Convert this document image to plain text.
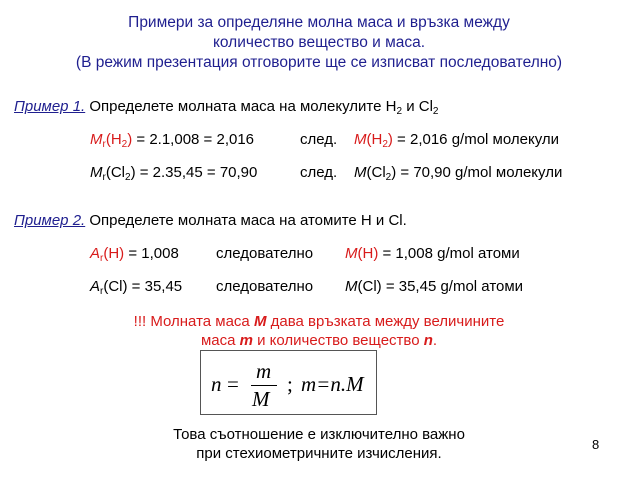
Примери за определяне молна маса и връзка между
количество вещество и маса.
(В режим презентация отговорите ще се изписват последователно)
Пример 1. Определете молната маса на молекулите $H_2$ и $Cl_2$
$M_r(H_2) = 2.1,008 = 2,016$	след. $M(H_2) = 2,016$ g/mol молекули
$M_r(Cl_2) = 2.35,45 = 70,90$	след. $M(Cl_2) = 70,90$ g/mol молекули
Пример 2. Определете молната маса на атомите H и Cl.
$A_r(H) = 1,008$ следователно M(H) = 1,008 g/mol атоми
$A_r(Cl) = 35,45$ следователно M(Cl) = 35,45 g/mol атоми
!!! Молната маса M дава връзката между величините
маса m и количество вещество n.
n =
m
M
; m=n.M
Това съотношение е изключително важно
при стехиометричните изчисления.
8
